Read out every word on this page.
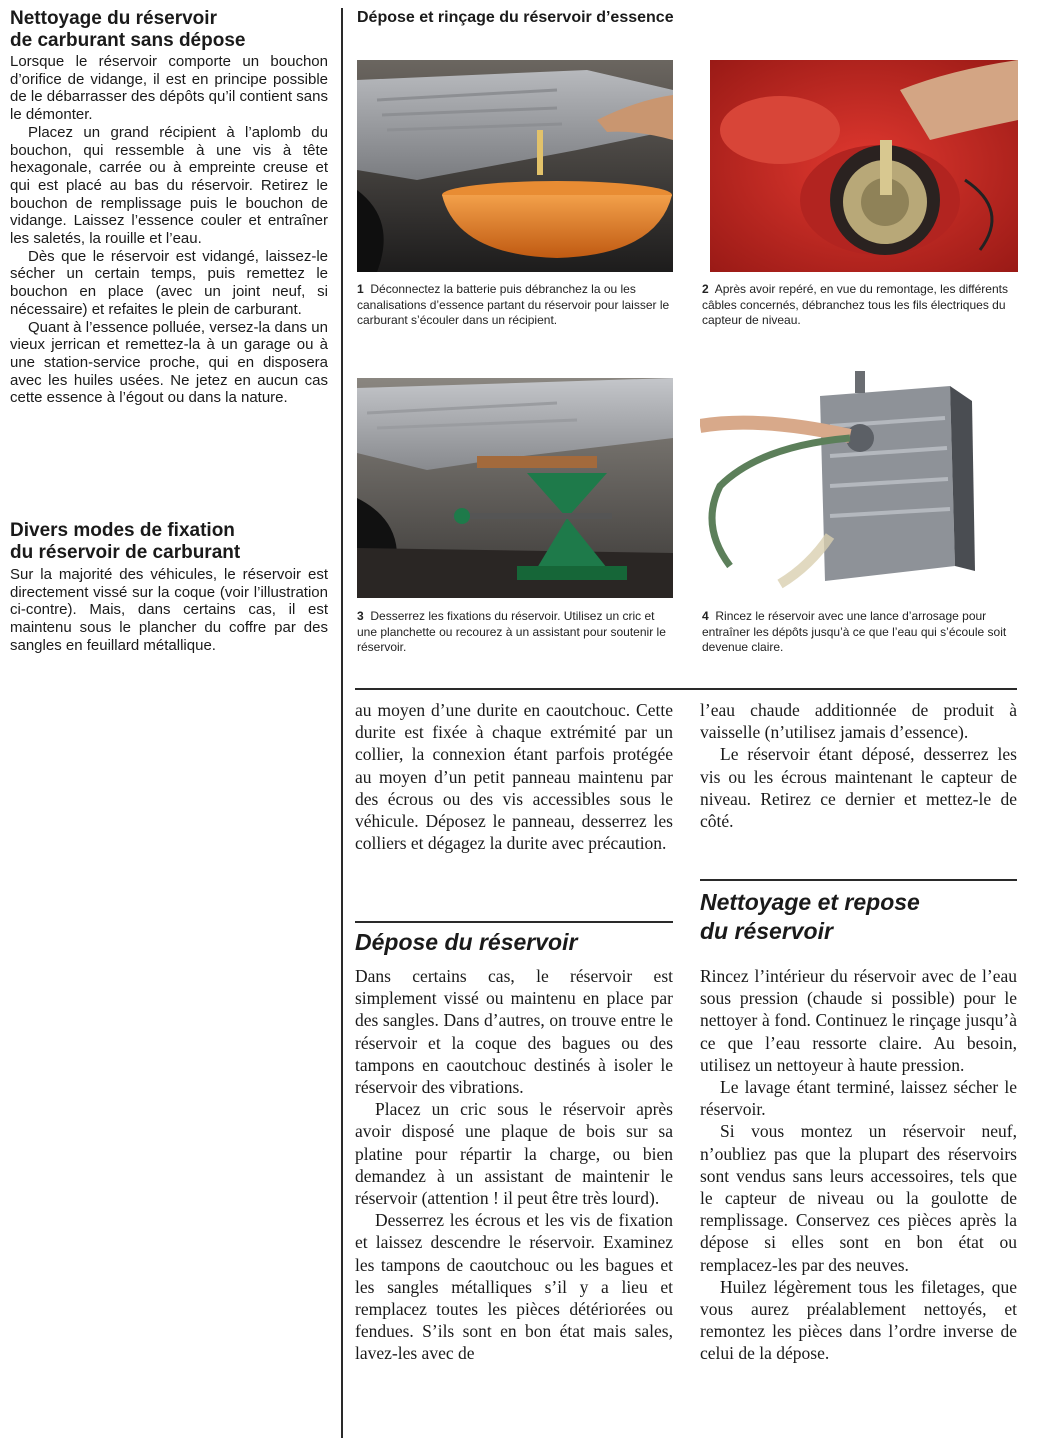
Nettoyage du réservoir
de carburant sans dépose

Lorsque le réservoir comporte un bouchon d’orifice de vidange, il est en principe possible de le débarrasser des dépôts qu’il contient sans le démonter.

Placez un grand récipient à l’aplomb du bouchon, qui ressemble à une vis à tête hexagonale, carrée ou à empreinte creuse et qui est placé au bas du réservoir. Retirez le bouchon de remplissage puis le bouchon de vidange. Laissez l’essence couler et entraîner les saletés, la rouille et l’eau.

Dès que le réservoir est vidangé, laissez-le sécher un certain temps, puis remettez le bouchon en place (avec un joint neuf, si nécessaire) et refaites le plein de carburant.

Quant à l’essence polluée, versez-la dans un vieux jerrican et remettez-la à un garage ou à une station-service proche, qui en disposera avec les huiles usées. Ne jetez en aucun cas cette essence à l’égout ou dans la nature.

Divers modes de fixation
du réservoir de carburant

Sur la majorité des véhicules, le réservoir est directement vissé sur la coque (voir l’illustration ci-contre). Mais, dans certains cas, il est maintenu sous le plancher du coffre par des sangles en feuillard métallique.

Dépose et rinçage du réservoir d’essence
1 Déconnectez la batterie puis débranchez la ou les canalisations d’essence partant du réservoir pour laisser le carburant s’écouler dans un récipient.
2 Après avoir repéré, en vue du remontage, les différents câbles concernés, débranchez tous les fils électriques du capteur de niveau.
3 Desserrez les fixations du réservoir. Utilisez un cric et une planchette ou recourez à un assistant pour soutenir le réservoir.
4 Rincez le réservoir avec une lance d’arrosage pour entraîner les dépôts jusqu’à ce que l’eau qui s’écoule soit devenue claire.

au moyen d’une durite en caoutchouc. Cette durite est fixée à chaque extrémité par un collier, la connexion étant parfois protégée au moyen d’un petit panneau maintenu par des écrous ou des vis accessibles sous le véhicule. Déposez le panneau, desserrez les colliers et dégagez la durite avec précaution.

Dépose du réservoir

Dans certains cas, le réservoir est simplement vissé ou maintenu en place par des sangles. Dans d’autres, on trouve entre le réservoir et la coque des bagues ou des tampons en caoutchouc destinés à isoler le réservoir des vibrations.

Placez un cric sous le réservoir après avoir disposé une plaque de bois sur sa platine pour répartir la charge, ou bien demandez à un assistant de maintenir le réservoir (attention ! il peut être très lourd).

Desserrez les écrous et les vis de fixation et laissez descendre le réservoir. Examinez les tampons de caoutchouc ou les bagues et les sangles métalliques s’il y a lieu et remplacez toutes les pièces détériorées ou fendues. S’ils sont en bon état mais sales, lavez-les avec de

l’eau chaude additionnée de produit à vaisselle (n’utilisez jamais d’essence).

Le réservoir étant déposé, desserrez les vis ou les écrous maintenant le capteur de niveau. Retirez ce dernier et mettez-le de côté.

Nettoyage et repose
du réservoir

Rincez l’intérieur du réservoir avec de l’eau sous pression (chaude si possible) pour le nettoyer à fond. Continuez le rinçage jusqu’à ce que l’eau ressorte claire. Au besoin, utilisez un nettoyeur à haute pression.

Le lavage étant terminé, laissez sécher le réservoir.

Si vous montez un réservoir neuf, n’oubliez pas que la plupart des réservoirs sont vendus sans leurs accessoires, tels que le capteur de niveau ou la goulotte de remplissage. Conservez ces pièces après la dépose si elles sont en bon état ou remplacez-les par des neuves.

Huilez légèrement tous les filetages, que vous aurez préalablement nettoyés, et remontez les pièces dans l’ordre inverse de celui de la dépose.
